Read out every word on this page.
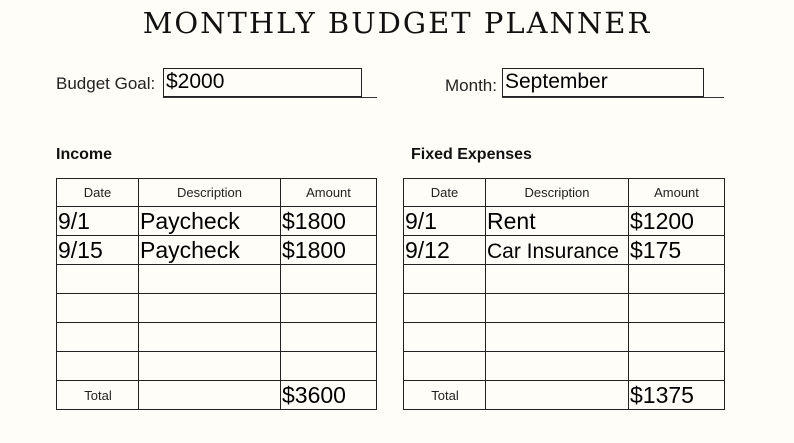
MONTHLY BUDGET PLANNER
Budget Goal: $2000	Month: September
Income	Fixed Expenses
Date	Description	Amount
9/1	Paycheck	$1800
9/15	Paycheck	$1800

Total		$3600
Date	Description	Amount
9/1	Rent	$1200
9/12	Car Insurance	$175

Total		$1375
